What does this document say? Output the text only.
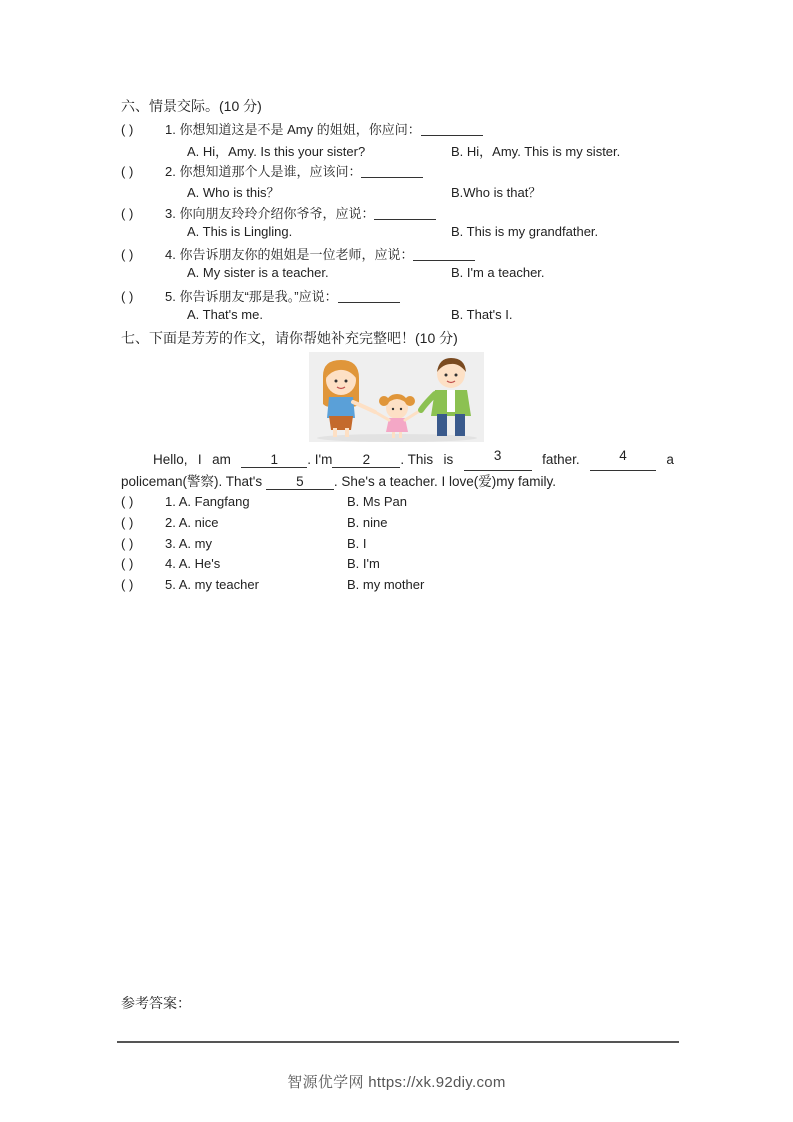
六、情景交际。(10 分)
( ) 1. 你想知道这是不是 Amy 的姐姐，你应问：
A. Hi，Amy. Is this your sister?	B. Hi，Amy. This is my sister.
( ) 2. 你想知道那个人是谁，应该问：
A. Who is this？	B.Who is that？
( ) 3. 你向朋友玲玲介绍你爷爷，应说：
A. This is Lingling.	B. This is my grandfather.
( ) 4. 你告诉朋友你的姐姐是一位老师，应说：
A. My sister is a teacher.	B. I'm a teacher.
( ) 5. 你告诉朋友“那是我。”应说：
A. That's me.	B. That's I.
七、下面是芳芳的作文，请你帮她补充完整吧！(10 分)
Hello, I am	1 . I'm 2 . This is	3	father.	4	a
policeman(警察). That's	5 . She's a teacher. I love(爱)my family.
( ) 1. A. Fangfang	B. Ms Pan
( ) 2. A. nice	B. nine
( ) 3. A. my	B. I
( ) 4. A. He's	B. I'm
( ) 5. A. my teacher	B. my mother
参考答案：
智源优学网 https://xk.92diy.com
